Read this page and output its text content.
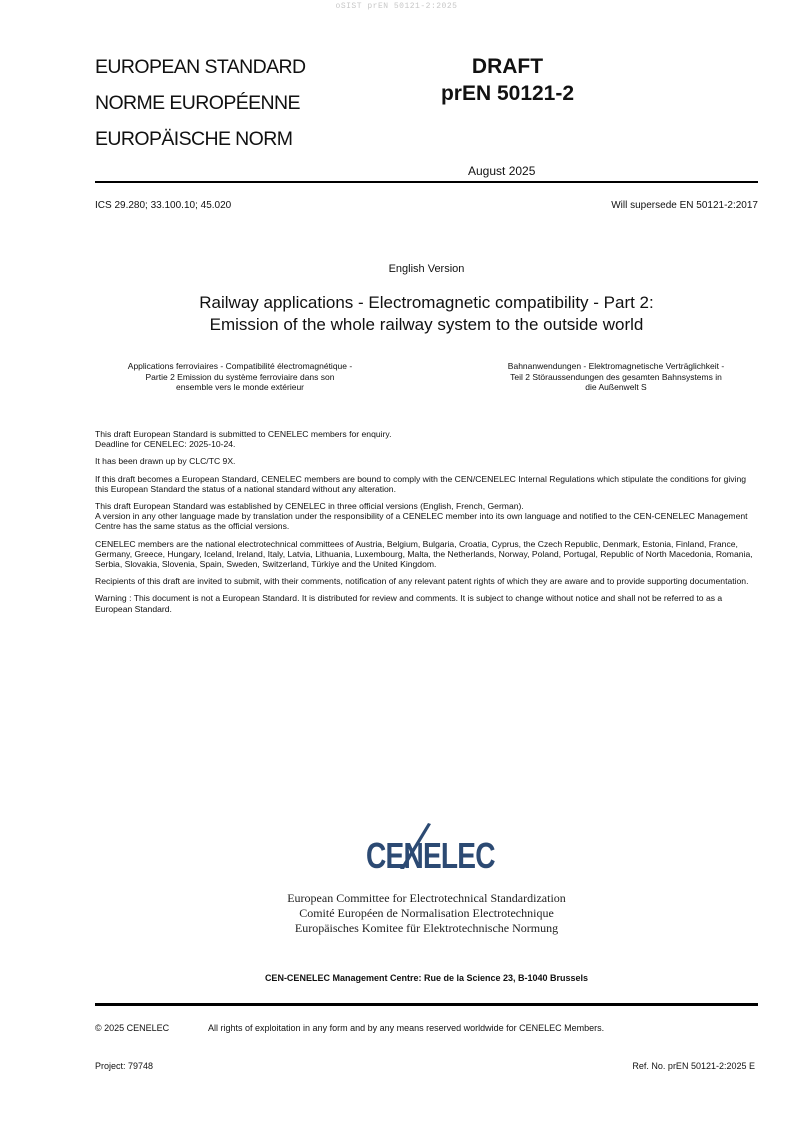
oSIST prEN 50121-2:2025
EUROPEAN STANDARD
NORME EUROPÉENNE
EUROPÄISCHE NORM
DRAFT
prEN 50121-2
August 2025
ICS 29.280; 33.100.10; 45.020	Will supersede EN 50121-2:2017
English Version
Railway applications - Electromagnetic compatibility - Part 2:
Emission of the whole railway system to the outside world
Applications ferroviaires - Compatibilité électromagnétique -
Partie 2 Emission du système ferroviaire dans son
ensemble vers le monde extérieur
Bahnanwendungen - Elektromagnetische Verträglichkeit -
Teil 2 Störaussendungen des gesamten Bahnsystems in
die Außenwelt S

This draft European Standard is submitted to CENELEC members for enquiry.
Deadline for CENELEC: 2025-10-24.

It has been drawn up by CLC/TC 9X.

If this draft becomes a European Standard, CENELEC members are bound to comply with the CEN/CENELEC Internal Regulations which stipulate the conditions for giving this European Standard the status of a national standard without any alteration.

This draft European Standard was established by CENELEC in three official versions (English, French, German).
A version in any other language made by translation under the responsibility of a CENELEC member into its own language and notified to the CEN-CENELEC Management Centre has the same status as the official versions.

CENELEC members are the national electrotechnical committees of Austria, Belgium, Bulgaria, Croatia, Cyprus, the Czech Republic, Denmark, Estonia, Finland, France, Germany, Greece, Hungary, Iceland, Ireland, Italy, Latvia, Lithuania, Luxembourg, Malta, the Netherlands, Norway, Poland, Portugal, Republic of North Macedonia, Romania, Serbia, Slovakia, Slovenia, Spain, Sweden, Switzerland, Türkiye and the United Kingdom.

Recipients of this draft are invited to submit, with their comments, notification of any relevant patent rights of which they are aware and to provide supporting documentation.

Warning : This document is not a European Standard. It is distributed for review and comments. It is subject to change without notice and shall not be referred to as a European Standard.

CENELEC
European Committee for Electrotechnical Standardization
Comité Européen de Normalisation Electrotechnique
Europäisches Komitee für Elektrotechnische Normung
CEN-CENELEC Management Centre: Rue de la Science 23, B-1040 Brussels
© 2025 CENELEC	All rights of exploitation in any form and by any means reserved worldwide for CENELEC Members.
Project: 79748	Ref. No. prEN 50121-2:2025 E
